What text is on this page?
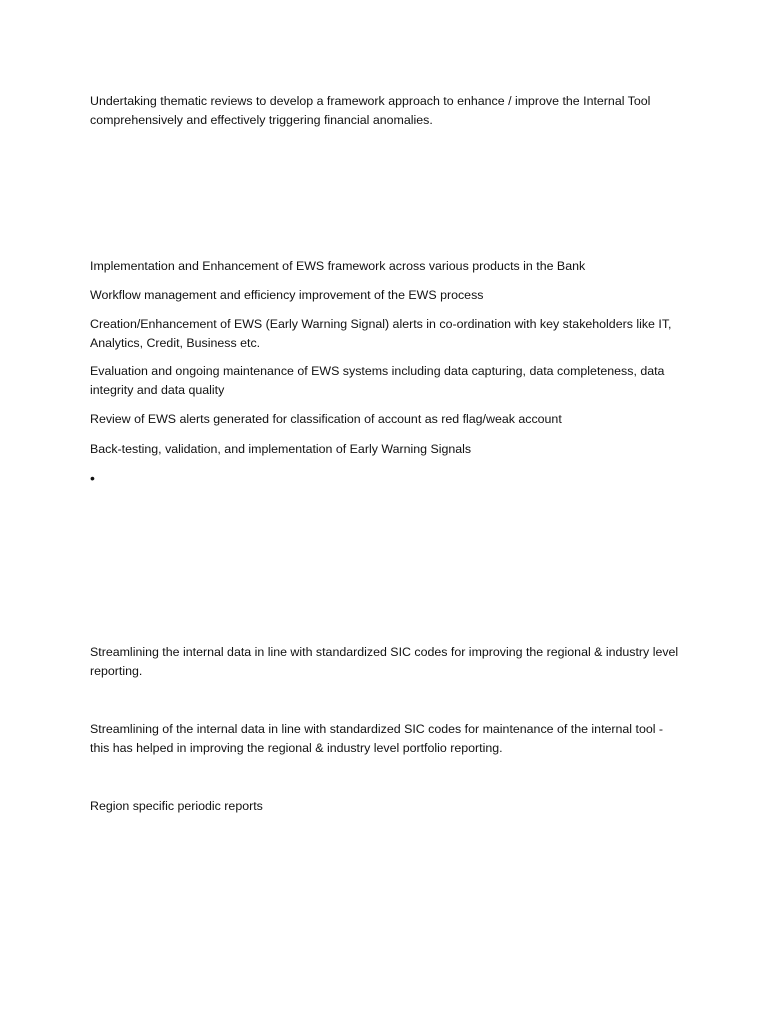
Undertaking thematic reviews to develop a framework approach to enhance / improve the Internal Tool comprehensively and effectively triggering financial anomalies.

Implementation and Enhancement of EWS framework across various products in the Bank

Workflow management and efficiency improvement of the EWS process

Creation/Enhancement of EWS (Early Warning Signal) alerts in co-ordination with key stakeholders like IT, Analytics, Credit, Business etc.

Evaluation and ongoing maintenance of EWS systems including data capturing, data completeness, data integrity and data quality

Review of EWS alerts generated for classification of account as red flag/weak account

Back-testing, validation, and implementation of Early Warning Signals

•

Streamlining the internal data in line with standardized SIC codes for improving the regional & industry level reporting.

Streamlining of the internal data in line with standardized SIC codes for maintenance of the internal tool - this has helped in improving the regional & industry level portfolio reporting.

Region specific periodic reports
